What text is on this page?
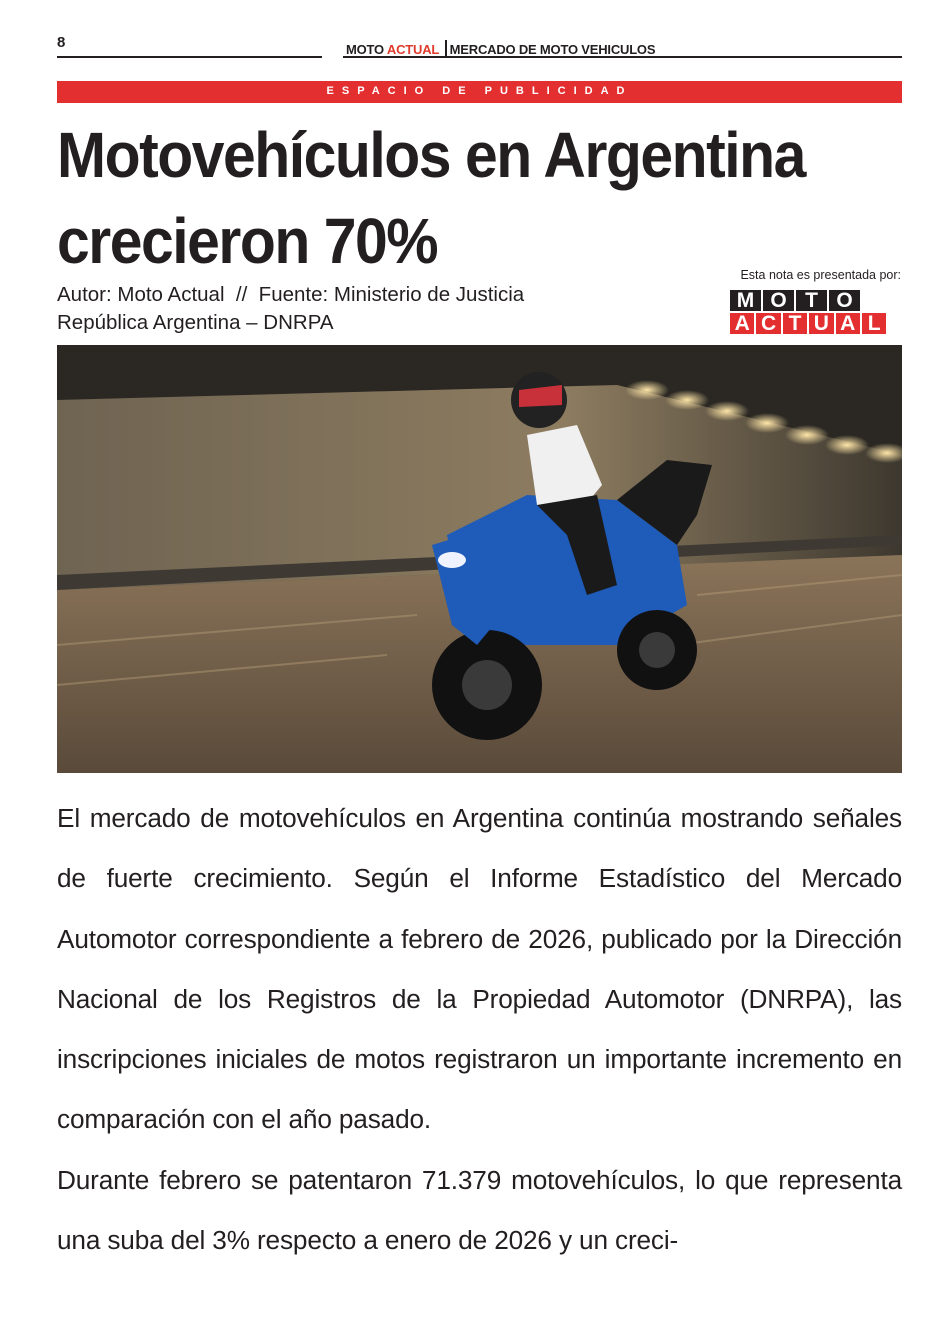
8	MOTO ACTUAL MERCADO DE MOTO VEHICULOS
ESPACIO DE PUBLICIDAD
Motovehículos en Argentina
crecieron 70%
Autor: Moto Actual  //  Fuente: Ministerio de Justicia
República Argentina – DNRPA
Esta nota es presentada por:
M O T O
A C T U A L

El mercado de motovehículos en Argentina continúa mostrando señales de fuerte crecimiento. Según el Informe Estadístico del Mercado Automotor correspondiente a febrero de 2026, publicado por la Dirección Nacional de los Registros de la Propiedad Automotor (DNRPA), las inscripciones iniciales de motos registraron un importante incremento en comparación con el año pasado.

Durante febrero se patentaron 71.379 motovehículos, lo que representa una suba del 3% respecto a enero de 2026 y un creci-
